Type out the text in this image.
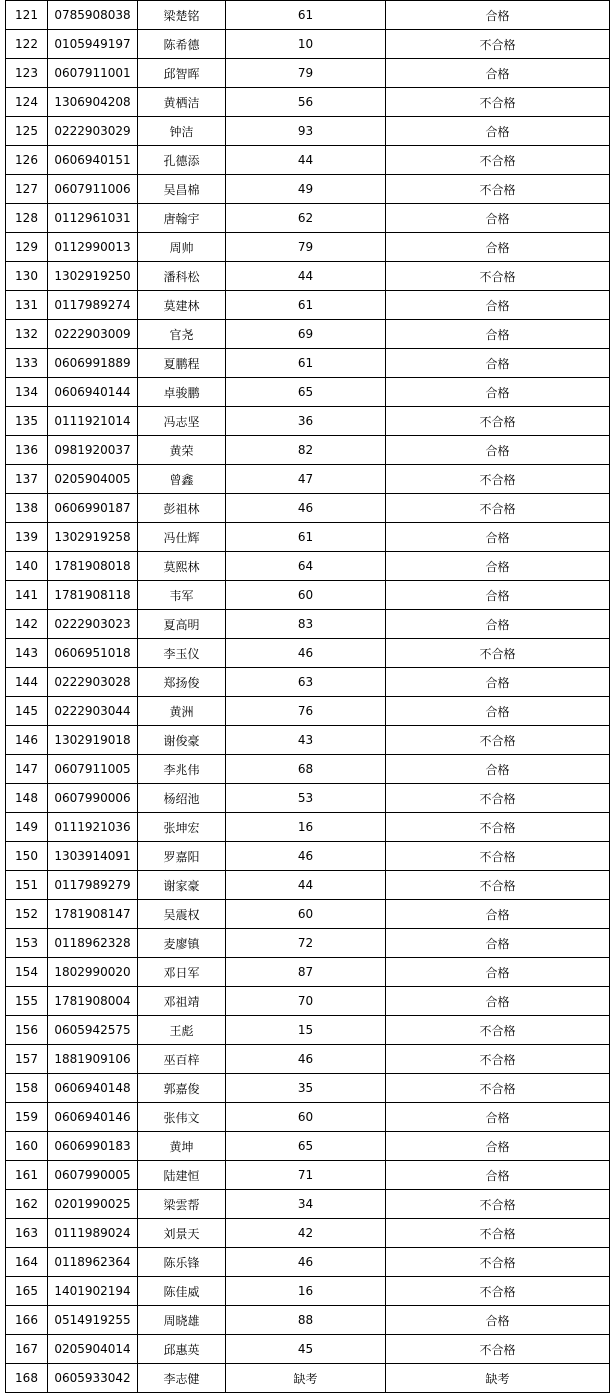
121	0785908038	梁楚铭	61	合格
122	0105949197	陈希德	10	不合格
123	0607911001	邱智晖	79	合格
124	1306904208	黄栖洁	56	不合格
125	0222903029	钟洁	93	合格
126	0606940151	孔德添	44	不合格
127	0607911006	吴昌棉	49	不合格
128	0112961031	唐翰宇	62	合格
129	0112990013	周帅	79	合格
130	1302919250	潘科松	44	不合格
131	0117989274	莫建林	61	合格
132	0222903009	官尧	69	合格
133	0606991889	夏鹏程	61	合格
134	0606940144	卓骏鹏	65	合格
135	0111921014	冯志坚	36	不合格
136	0981920037	黄荣	82	合格
137	0205904005	曾鑫	47	不合格
138	0606990187	彭祖林	46	不合格
139	1302919258	冯仕辉	61	合格
140	1781908018	莫熙林	64	合格
141	1781908118	韦军	60	合格
142	0222903023	夏高明	83	合格
143	0606951018	李玉仪	46	不合格
144	0222903028	郑扬俊	63	合格
145	0222903044	黄洲	76	合格
146	1302919018	谢俊豪	43	不合格
147	0607911005	李兆伟	68	合格
148	0607990006	杨绍池	53	不合格
149	0111921036	张坤宏	16	不合格
150	1303914091	罗嘉阳	46	不合格
151	0117989279	谢家豪	44	不合格
152	1781908147	吴震权	60	合格
153	0118962328	麦廖镇	72	合格
154	1802990020	邓日军	87	合格
155	1781908004	邓祖靖	70	合格
156	0605942575	王彪	15	不合格
157	1881909106	巫百梓	46	不合格
158	0606940148	郭嘉俊	35	不合格
159	0606940146	张伟文	60	合格
160	0606990183	黄坤	65	合格
161	0607990005	陆建恒	71	合格
162	0201990025	梁雲帮	34	不合格
163	0111989024	刘景天	42	不合格
164	0118962364	陈乐锋	46	不合格
165	1401902194	陈佳威	16	不合格
166	0514919255	周晓雄	88	合格
167	0205904014	邱惠英	45	不合格
168	0605933042	李志健	缺考	缺考
